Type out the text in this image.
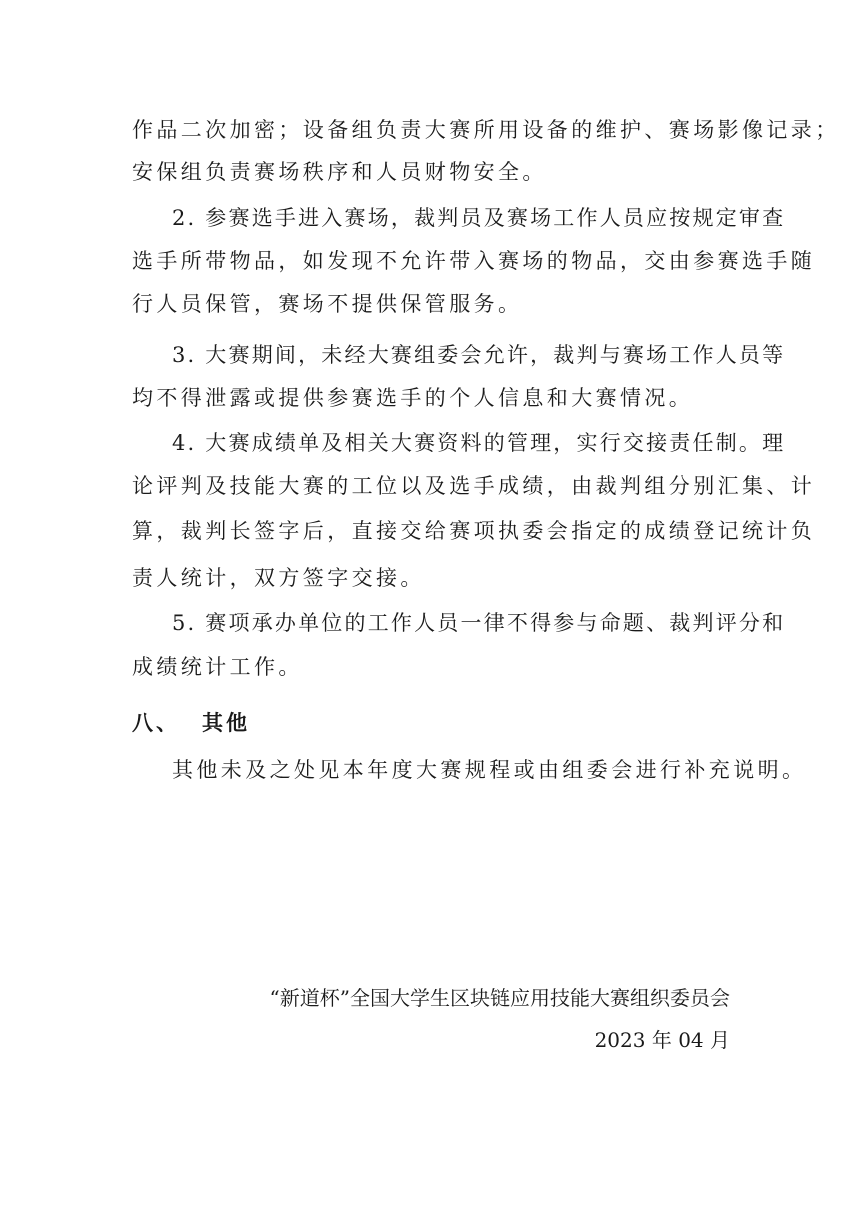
作品二次加密；设备组负责大赛所用设备的维护、赛场影像记录；
安保组负责赛场秩序和人员财物安全。
2. 参赛选手进入赛场，裁判员及赛场工作人员应按规定审查
选手所带物品，如发现不允许带入赛场的物品，交由参赛选手随
行人员保管，赛场不提供保管服务。
3. 大赛期间，未经大赛组委会允许，裁判与赛场工作人员等
均不得泄露或提供参赛选手的个人信息和大赛情况。
4. 大赛成绩单及相关大赛资料的管理，实行交接责任制。理
论评判及技能大赛的工位以及选手成绩，由裁判组分别汇集、计
算，裁判长签字后，直接交给赛项执委会指定的成绩登记统计负
责人统计，双方签字交接。
5. 赛项承办单位的工作人员一律不得参与命题、裁判评分和
成绩统计工作。
八、 其他
其他未及之处见本年度大赛规程或由组委会进行补充说明。
“新道杯”全国大学生区块链应用技能大赛组织委员会
2023 年 04 月
